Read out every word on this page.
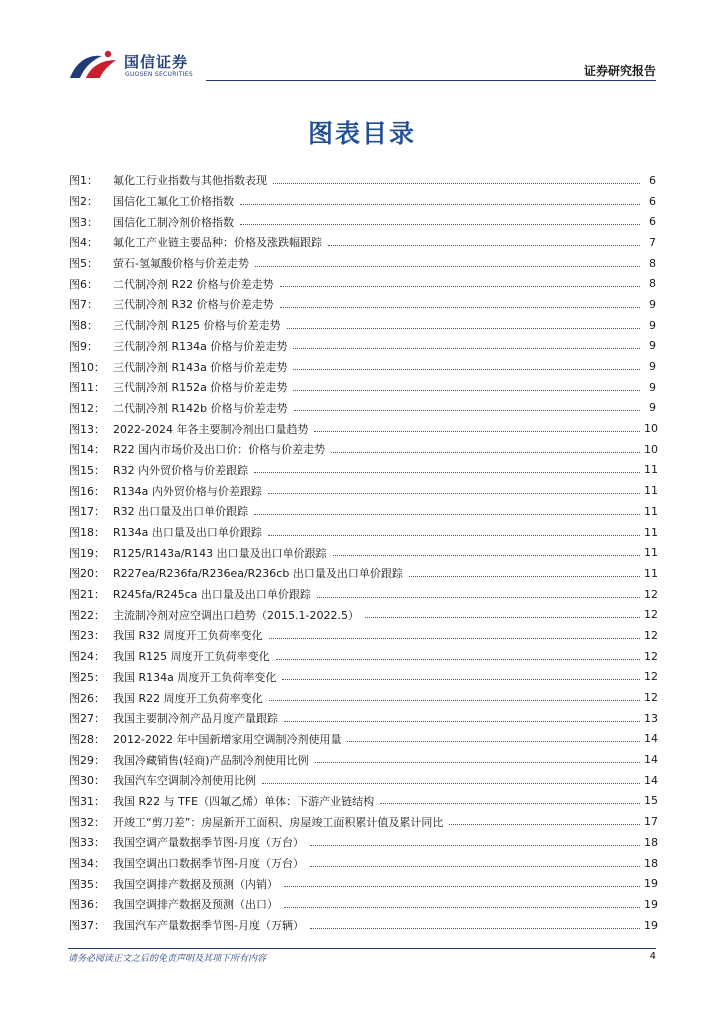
国信证券
GUOSEN SECURITIES	证券研究报告
图表目录
图1：	氟化工行业指数与其他指数表现	6
图2：	国信化工氟化工价格指数	6
图3：	国信化工制冷剂价格指数	6
图4：	氟化工产业链主要品种：价格及涨跌幅跟踪	7
图5：	萤石-氢氟酸价格与价差走势	8
图6：	二代制冷剂 R22 价格与价差走势	8
图7：	三代制冷剂 R32 价格与价差走势	9
图8：	三代制冷剂 R125 价格与价差走势	9
图9：	三代制冷剂 R134a 价格与价差走势	9
图10： 三代制冷剂 R143a 价格与价差走势	9
图11： 三代制冷剂 R152a 价格与价差走势	9
图12： 二代制冷剂 R142b 价格与价差走势	9
图13： 2022-2024 年各主要制冷剂出口量趋势	10
图14： R22 国内市场价及出口价：价格与价差走势	10
图15： R32 内外贸价格与价差跟踪	11
图16： R134a 内外贸价格与价差跟踪	11
图17： R32 出口量及出口单价跟踪	11
图18： R134a 出口量及出口单价跟踪	11
图19： R125/R143a/R143 出口量及出口单价跟踪	11
图20： R227ea/R236fa/R236ea/R236cb 出口量及出口单价跟踪	11
图21： R245fa/R245ca 出口量及出口单价跟踪	12
图22： 主流制冷剂对应空调出口趋势（2015.1-2022.5）	12
图23： 我国 R32 周度开工负荷率变化	12
图24： 我国 R125 周度开工负荷率变化	12
图25： 我国 R134a 周度开工负荷率变化	12
图26： 我国 R22 周度开工负荷率变化	12
图27： 我国主要制冷剂产品月度产量跟踪	13
图28： 2012-2022 年中国新增家用空调制冷剂使用量	14
图29： 我国冷藏销售(轻商)产品制冷剂使用比例	14
图30： 我国汽车空调制冷剂使用比例	14
图31： 我国 R22 与 TFE（四氟乙烯）单体：下游产业链结构	15
图32： 开竣工“剪刀差”：房屋新开工面积、房屋竣工面积累计值及累计同比	17
图33： 我国空调产量数据季节图-月度（万台）	18
图34： 我国空调出口数据季节图-月度（万台）	18
图35： 我国空调排产数据及预测（内销）	19
图36： 我国空调排产数据及预测（出口）	19
图37： 我国汽车产量数据季节图-月度（万辆）	19
请务必阅读正文之后的免责声明及其项下所有内容	4
